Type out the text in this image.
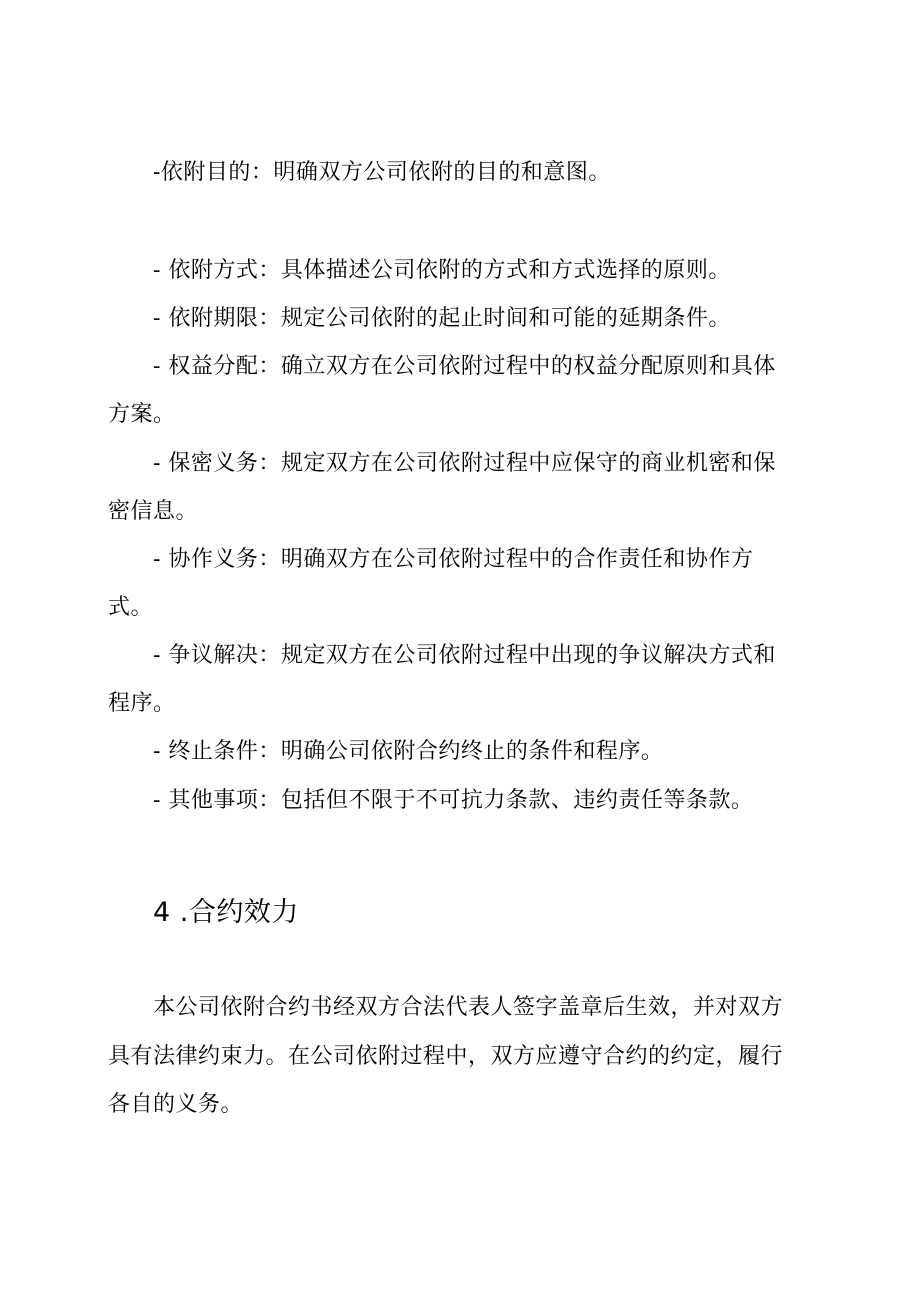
-依附目的：明确双方公司依附的目的和意图。
- 依附方式：具体描述公司依附的方式和方式选择的原则。
- 依附期限：规定公司依附的起止时间和可能的延期条件。
- 权益分配：确立双方在公司依附过程中的权益分配原则和具体
方案。
- 保密义务：规定双方在公司依附过程中应保守的商业机密和保
密信息。
- 协作义务：明确双方在公司依附过程中的合作责任和协作方
式。
- 争议解决：规定双方在公司依附过程中出现的争议解决方式和
程序。
- 终止条件：明确公司依附合约终止的条件和程序。
- 其他事项：包括但不限于不可抗力条款、违约责任等条款。
4 .合约效力
本公司依附合约书经双方合法代表人签字盖章后生效，并对双方
具有法律约束力。在公司依附过程中，双方应遵守合约的约定，履行
各自的义务。
